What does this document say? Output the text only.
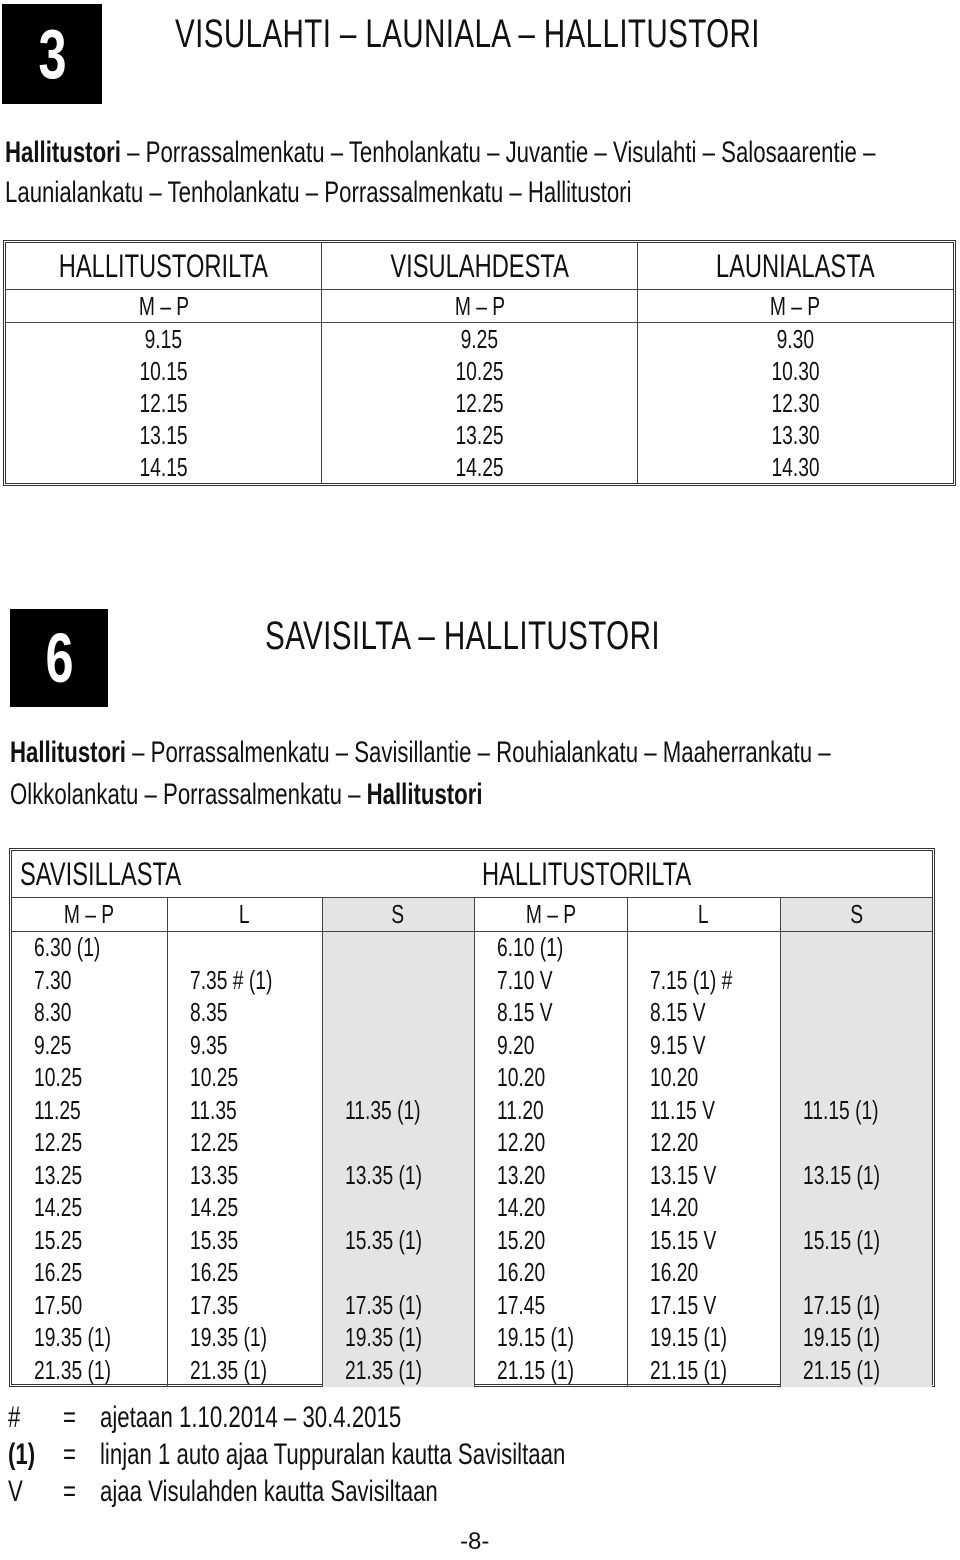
3	VISULAHTI – LAUNIALA – HALLITUSTORI
Hallitustori – Porrassalmenkatu – Tenholankatu – Juvantie – Visulahti – Salosaarentie –
Launialankatu – Tenholankatu – Porrassalmenkatu – Hallitustori
HALLITUSTORILTA	VISULAHDESTA	LAUNIALASTA
M – P	M – P	M – P
9.15	9.25	9.30
10.15	10.25	10.30
12.15	12.25	12.30
13.15	13.25	13.30
14.15	14.25	14.30
6	SAVISILTA – HALLITUSTORI
Hallitustori – Porrassalmenkatu – Savisillantie – Rouhialankatu – Maaherrankatu –
Olkkolankatu – Porrassalmenkatu – Hallitustori
SAVISILLASTA			HALLITUSTORILTA		
M – P	L	S	M – P	L	S
6.30 (1)			6.10 (1)		
7.30	7.35 # (1)		7.10 V	7.15 (1) #	
8.30	8.35		8.15 V	8.15 V	
9.25	9.35		9.20	9.15 V	
10.25	10.25		10.20	10.20	
11.25	11.35	11.35 (1)	11.20	11.15 V	11.15 (1)
12.25	12.25		12.20	12.20	
13.25	13.35	13.35 (1)	13.20	13.15 V	13.15 (1)
14.25	14.25		14.20	14.20	
15.25	15.35	15.35 (1)	15.20	15.15 V	15.15 (1)
16.25	16.25		16.20	16.20	
17.50	17.35	17.35 (1)	17.45	17.15 V	17.15 (1)
19.35 (1)	19.35 (1)	19.35 (1)	19.15 (1)	19.15 (1)	19.15 (1)
21.35 (1)	21.35 (1)	21.35 (1)	21.15 (1)	21.15 (1)	21.15 (1)
# = ajetaan 1.10.2014 – 30.4.2015
(1) = linjan 1 auto ajaa Tuppuralan kautta Savisiltaan
V = ajaa Visulahden kautta Savisiltaan
-8-
